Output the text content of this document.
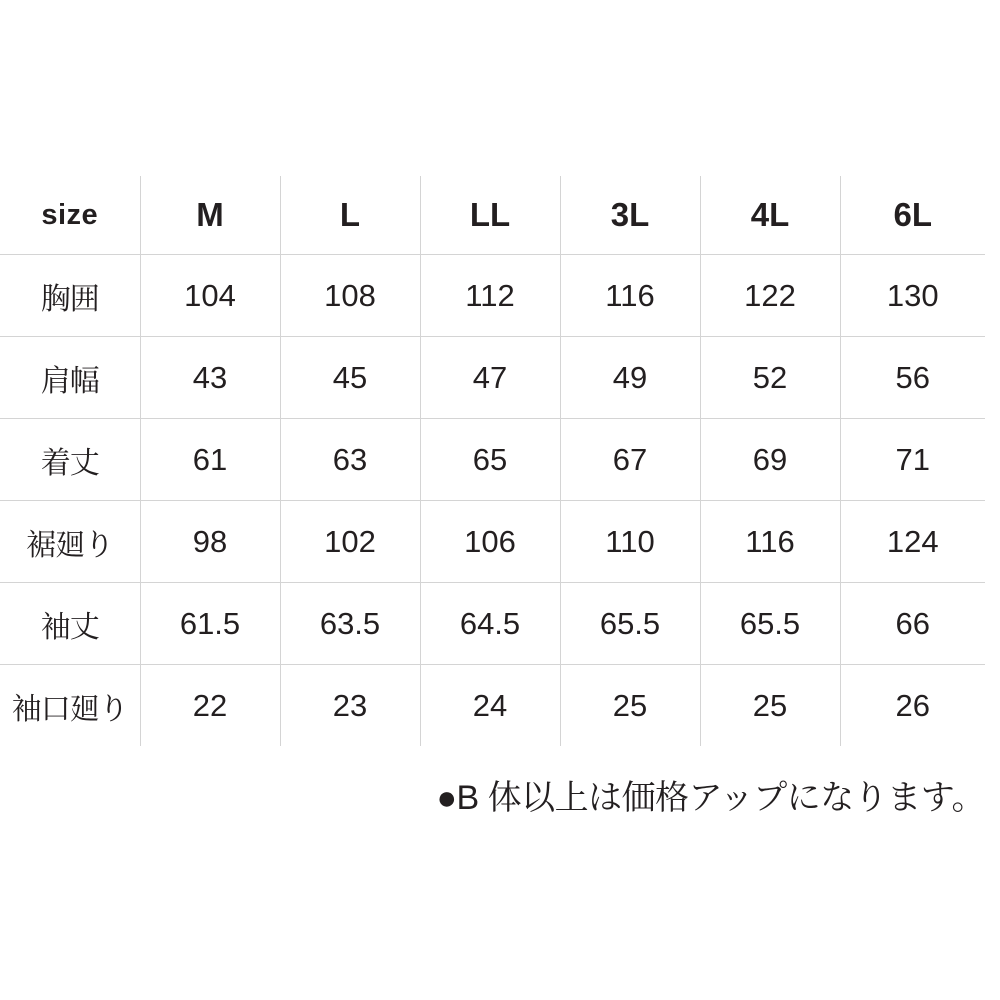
size	M	L	LL	3L	4L	6L
胸囲	104	108	112	116	122	130
肩幅	43	45	47	49	52	56
着丈	61	63	65	67	69	71
裾廻り	98	102	106	110	116	124
袖丈	61.5	63.5	64.5	65.5	65.5	66
袖口廻り	22	23	24	25	25	26
●B 体以上は価格アップになります。
